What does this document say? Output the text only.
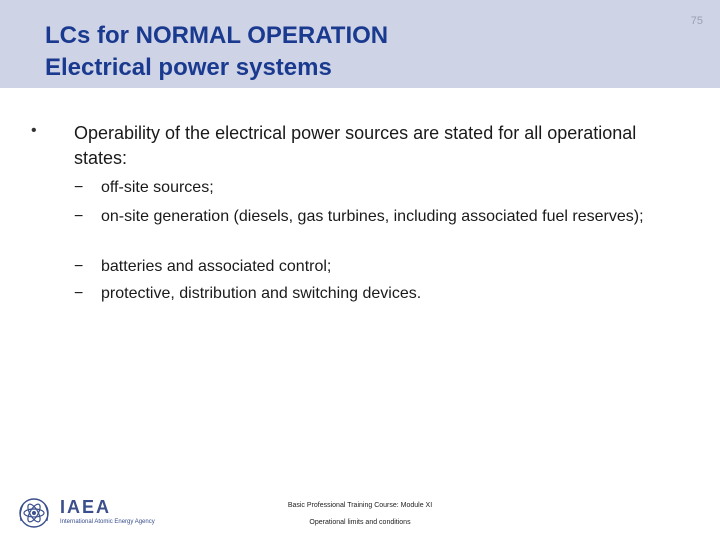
LCs for NORMAL OPERATION
Electrical power systems
75
• Operability of the electrical power sources are stated for all operational states:
−	off-site sources;
−	on-site generation (diesels, gas turbines, including associated fuel reserves);
−	batteries and associated control;
−	protective, distribution and switching devices.
IAEA
International Atomic Energy Agency
Basic Professional Training Course: Module XI
Operational limits and conditions
